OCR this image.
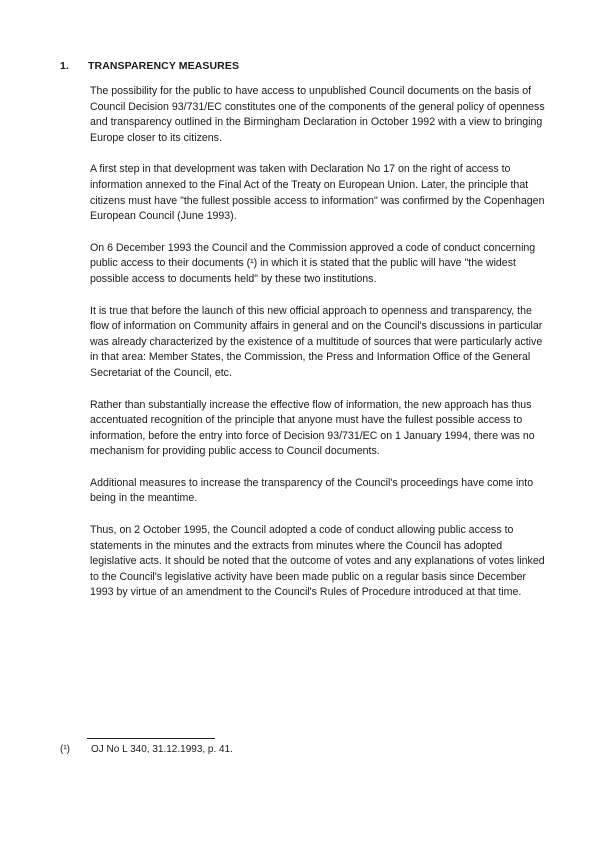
1. TRANSPARENCY MEASURES

The possibility for the public to have access to unpublished Council documents on the basis of Council Decision 93/731/EC constitutes one of the components of the general policy of openness and transparency outlined in the Birmingham Declaration in October 1992 with a view to bringing Europe closer to its citizens.

A first step in that development was taken with Declaration No 17 on the right of access to information annexed to the Final Act of the Treaty on European Union. Later, the principle that citizens must have "the fullest possible access to information" was confirmed by the Copenhagen European Council (June 1993).

On 6 December 1993 the Council and the Commission approved a code of conduct concerning public access to their documents (¹) in which it is stated that the public will have "the widest possible access to documents held" by these two institutions.

It is true that before the launch of this new official approach to openness and transparency, the flow of information on Community affairs in general and on the Council's discussions in particular was already characterized by the existence of a multitude of sources that were particularly active in that area: Member States, the Commission, the Press and Information Office of the General Secretariat of the Council, etc.

Rather than substantially increase the effective flow of information, the new approach has thus accentuated recognition of the principle that anyone must have the fullest possible access to information, before the entry into force of Decision 93/731/EC on 1 January 1994, there was no mechanism for providing public access to Council documents.

Additional measures to increase the transparency of the Council's proceedings have come into being in the meantime.

Thus, on 2 October 1995, the Council adopted a code of conduct allowing public access to statements in the minutes and the extracts from minutes where the Council has adopted legislative acts. It should be noted that the outcome of votes and any explanations of votes linked to the Council's legislative activity have been made public on a regular basis since December 1993 by virtue of an amendment to the Council's Rules of Procedure introduced at that time.

(¹) OJ No L 340, 31.12.1993, p. 41.
